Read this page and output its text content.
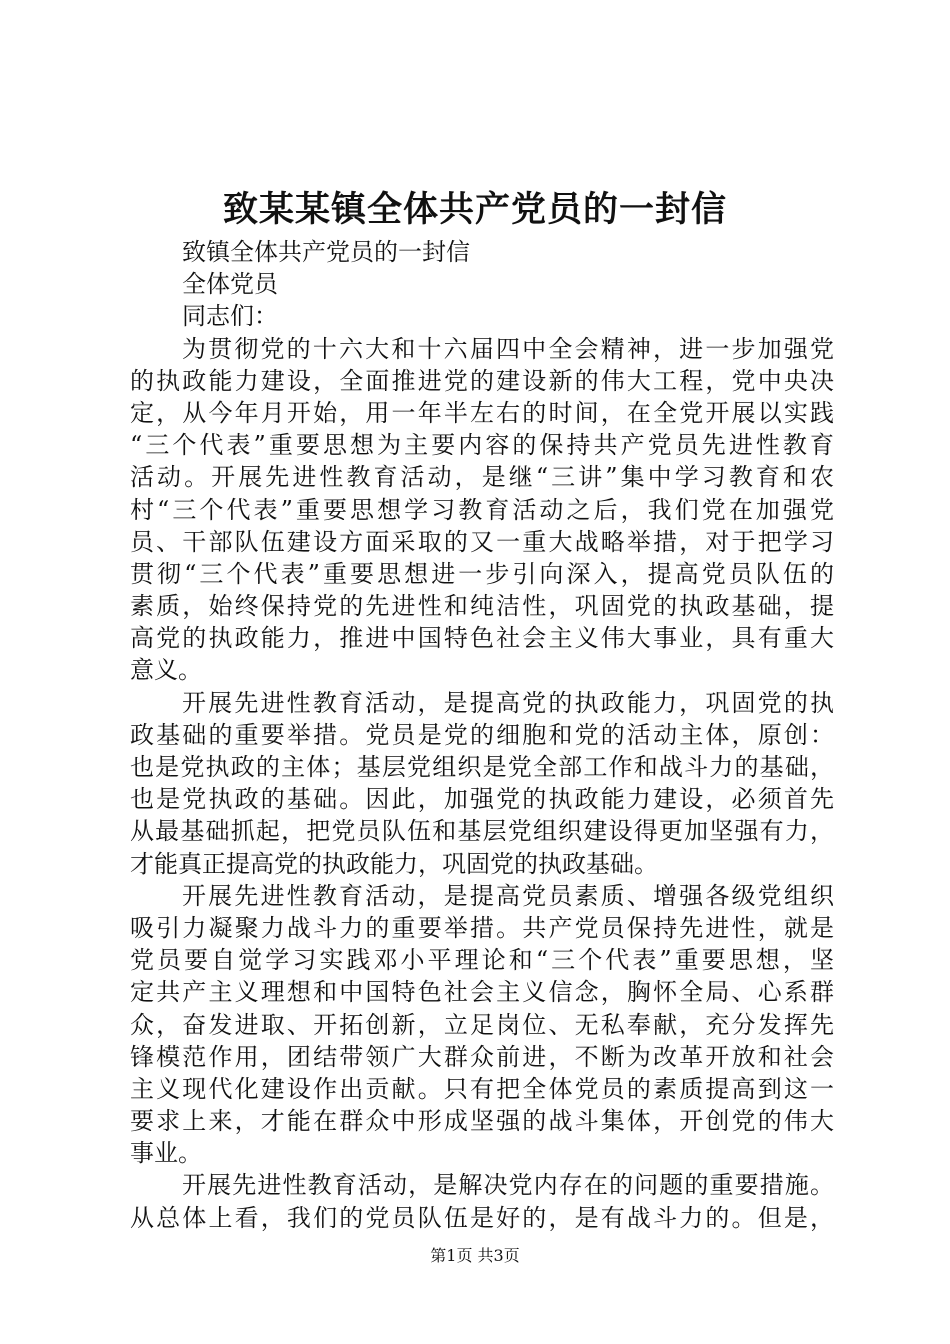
致某某镇全体共产党员的一封信
致镇全体共产党员的一封信
全体党员
同志们：
为贯彻党的十六大和十六届四中全会精神，进一步加强党
的执政能力建设，全面推进党的建设新的伟大工程，党中央决
定，从今年月开始，用一年半左右的时间，在全党开展以实践
“三个代表”重要思想为主要内容的保持共产党员先进性教育
活动。开展先进性教育活动，是继“三讲”集中学习教育和农
村“三个代表”重要思想学习教育活动之后，我们党在加强党
员、干部队伍建设方面采取的又一重大战略举措，对于把学习
贯彻“三个代表”重要思想进一步引向深入，提高党员队伍的
素质，始终保持党的先进性和纯洁性，巩固党的执政基础，提
高党的执政能力，推进中国特色社会主义伟大事业，具有重大
意义。
开展先进性教育活动，是提高党的执政能力，巩固党的执
政基础的重要举措。党员是党的细胞和党的活动主体，原创：
也是党执政的主体；基层党组织是党全部工作和战斗力的基础，
也是党执政的基础。因此，加强党的执政能力建设，必须首先
从最基础抓起，把党员队伍和基层党组织建设得更加坚强有力，
才能真正提高党的执政能力，巩固党的执政基础。
开展先进性教育活动，是提高党员素质、增强各级党组织
吸引力凝聚力战斗力的重要举措。共产党员保持先进性，就是
党员要自觉学习实践邓小平理论和“三个代表”重要思想，坚
定共产主义理想和中国特色社会主义信念，胸怀全局、心系群
众，奋发进取、开拓创新，立足岗位、无私奉献，充分发挥先
锋模范作用，团结带领广大群众前进，不断为改革开放和社会
主义现代化建设作出贡献。只有把全体党员的素质提高到这一
要求上来，才能在群众中形成坚强的战斗集体，开创党的伟大
事业。
开展先进性教育活动，是解决党内存在的问题的重要措施。
从总体上看，我们的党员队伍是好的，是有战斗力的。但是，
第1页 共3页
